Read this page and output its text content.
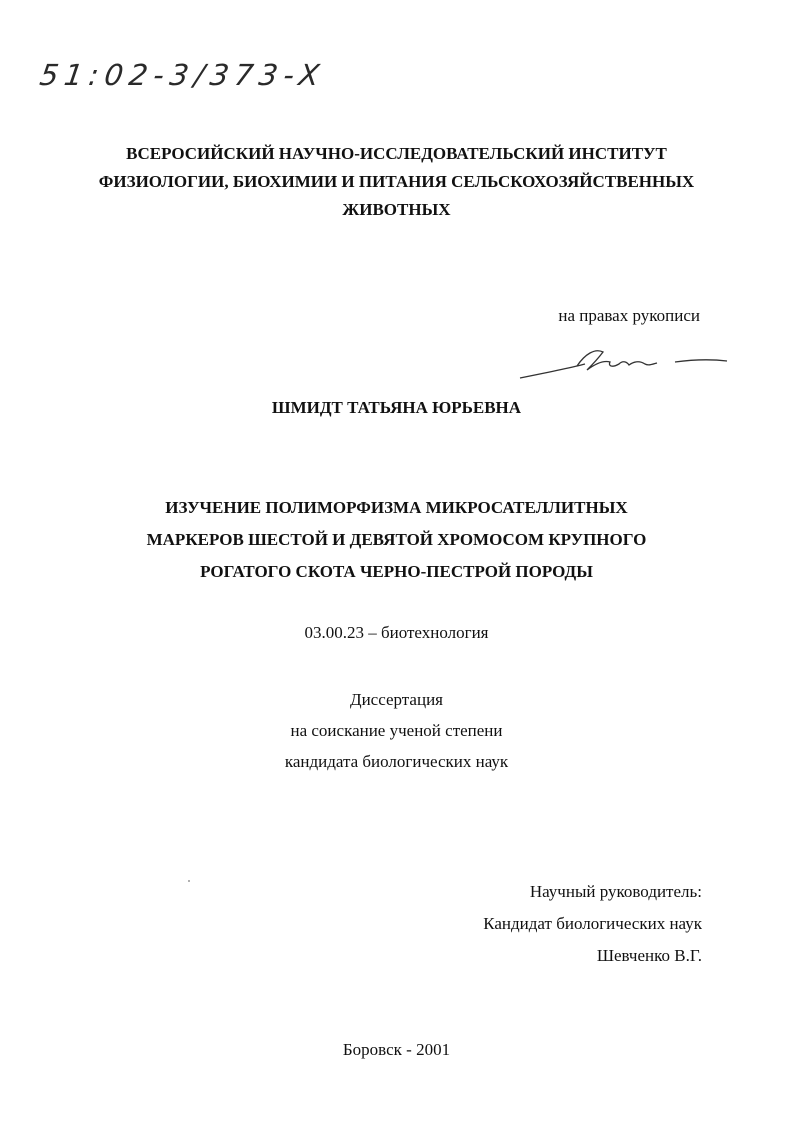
51:02-3/373-X
ВСЕРОСИЙСКИЙ НАУЧНО-ИССЛЕДОВАТЕЛЬСКИЙ ИНСТИТУТ
ФИЗИОЛОГИИ, БИОХИМИИ И ПИТАНИЯ СЕЛЬСКОХОЗЯЙСТВЕННЫХ
ЖИВОТНЫХ
на правах рукописи
ШМИДТ ТАТЬЯНА ЮРЬЕВНА
ИЗУЧЕНИЕ ПОЛИМОРФИЗМА МИКРОСАТЕЛЛИТНЫХ
МАРКЕРОВ ШЕСТОЙ И ДЕВЯТОЙ ХРОМОСОМ КРУПНОГО
РОГАТОГО СКОТА ЧЕРНО-ПЕСТРОЙ ПОРОДЫ
03.00.23 – биотехнология
Диссертация
на соискание ученой степени
кандидата биологических наук
Научный руководитель:
Кандидат биологических наук
Шевченко В.Г.
Боровск - 2001
